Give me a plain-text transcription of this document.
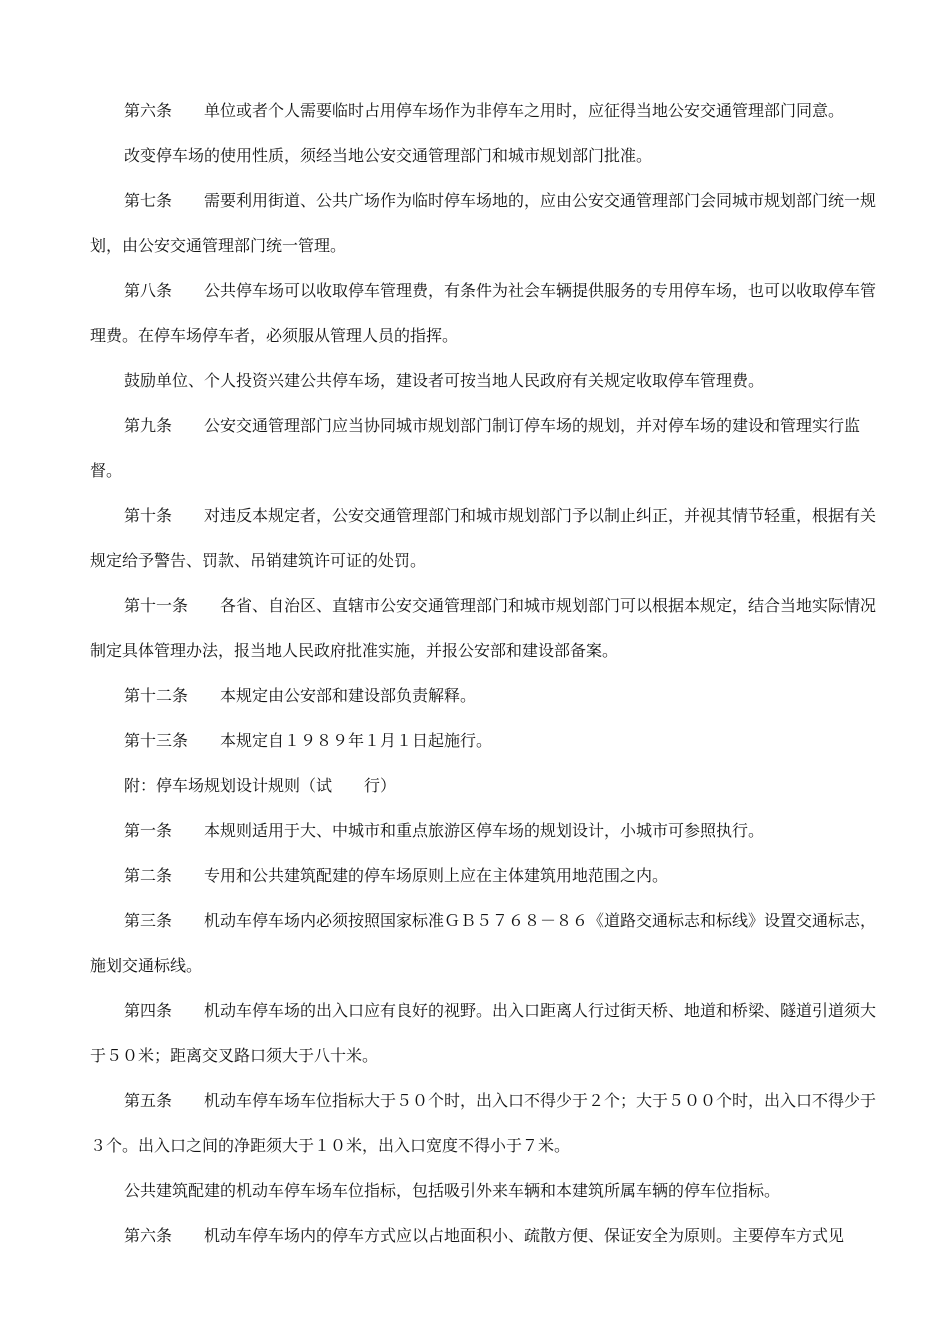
第六条　　单位或者个人需要临时占用停车场作为非停车之用时，应征得当地公安交通管理部门同意。

改变停车场的使用性质，须经当地公安交通管理部门和城市规划部门批准。

第七条　　需要利用街道、公共广场作为临时停车场地的，应由公安交通管理部门会同城市规划部门统一规划，由公安交通管理部门统一管理。

第八条　　公共停车场可以收取停车管理费，有条件为社会车辆提供服务的专用停车场，也可以收取停车管理费。在停车场停车者，必须服从管理人员的指挥。

鼓励单位、个人投资兴建公共停车场，建设者可按当地人民政府有关规定收取停车管理费。

第九条　　公安交通管理部门应当协同城市规划部门制订停车场的规划，并对停车场的建设和管理实行监督。

第十条　　对违反本规定者，公安交通管理部门和城市规划部门予以制止纠正，并视其情节轻重，根据有关规定给予警告、罚款、吊销建筑许可证的处罚。

第十一条　　各省、自治区、直辖市公安交通管理部门和城市规划部门可以根据本规定，结合当地实际情况制定具体管理办法，报当地人民政府批准实施，并报公安部和建设部备案。

第十二条　　本规定由公安部和建设部负责解释。

第十三条　　本规定自１９８９年１月１日起施行。

附：停车场规划设计规则（试　　行）

第一条　　本规则适用于大、中城市和重点旅游区停车场的规划设计，小城市可参照执行。

第二条　　专用和公共建筑配建的停车场原则上应在主体建筑用地范围之内。

第三条　　机动车停车场内必须按照国家标准ＧＢ５７６８－８６《道路交通标志和标线》设置交通标志，施划交通标线。

第四条　　机动车停车场的出入口应有良好的视野。出入口距离人行过街天桥、地道和桥梁、隧道引道须大于５０米；距离交叉路口须大于八十米。

第五条　　机动车停车场车位指标大于５０个时，出入口不得少于２个；大于５００个时，出入口不得少于３个。出入口之间的净距须大于１０米，出入口宽度不得小于７米。

公共建筑配建的机动车停车场车位指标，包括吸引外来车辆和本建筑所属车辆的停车位指标。

第六条　　机动车停车场内的停车方式应以占地面积小、疏散方便、保证安全为原则。主要停车方式见
